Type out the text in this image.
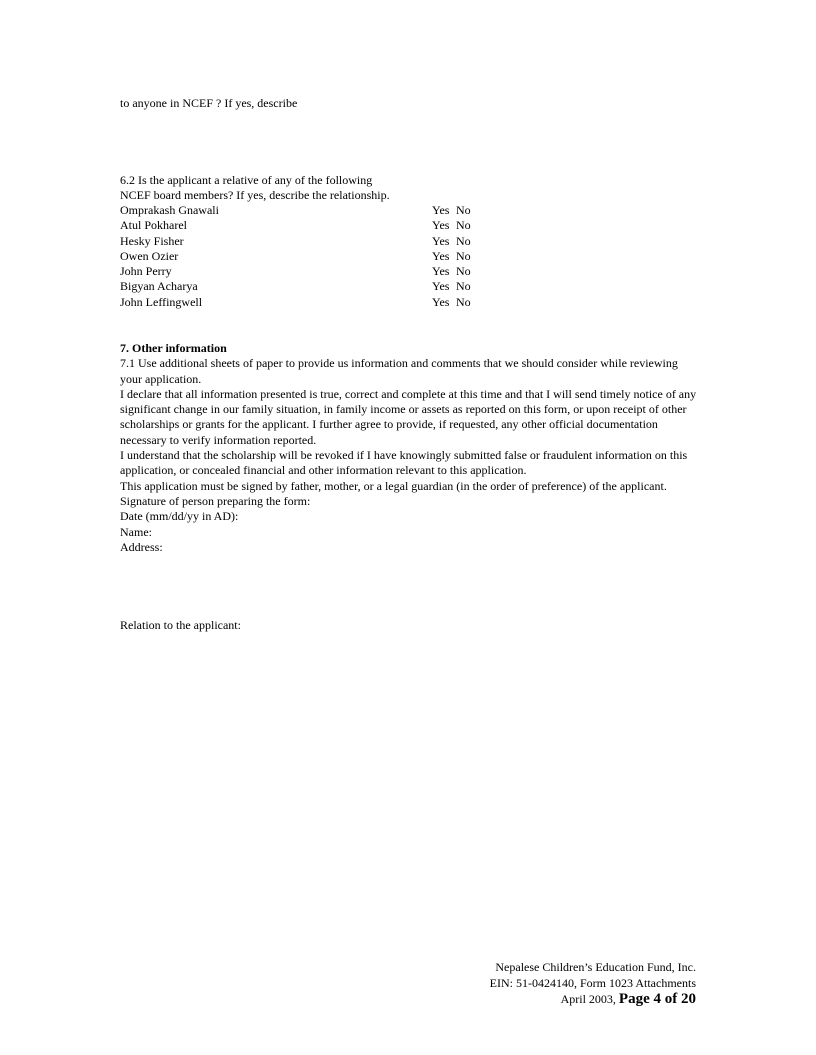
to anyone in NCEF ? If yes, describe
6.2 Is the applicant a relative of any of the following
NCEF board members? If yes, describe the relationship.
Omprakash Gnawali	Yes No
Atul Pokharel	Yes No
Hesky Fisher	Yes No
Owen Ozier	Yes No
John Perry	Yes No
Bigyan Acharya	Yes No
John Leffingwell	Yes No
7. Other information

7.1 Use additional sheets of paper to provide us information and comments that we should consider while reviewing your application.

I declare that all information presented is true, correct and complete at this time and that I will send timely notice of any significant change in our family situation, in family income or assets as reported on this form, or upon receipt of other scholarships or grants for the applicant. I further agree to provide, if requested, any other official documentation necessary to verify information reported.

I understand that the scholarship will be revoked if I have knowingly submitted false or fraudulent information on this application, or concealed financial and other information relevant to this application.

This application must be signed by father, mother, or a legal guardian (in the order of preference) of the applicant.

Signature of person preparing the form:
Date (mm/dd/yy in AD):
Name:
Address:
Relation to the applicant:
Nepalese Children’s Education Fund, Inc.
EIN: 51-0424140, Form 1023 Attachments
April 2003, Page 4 of 20
